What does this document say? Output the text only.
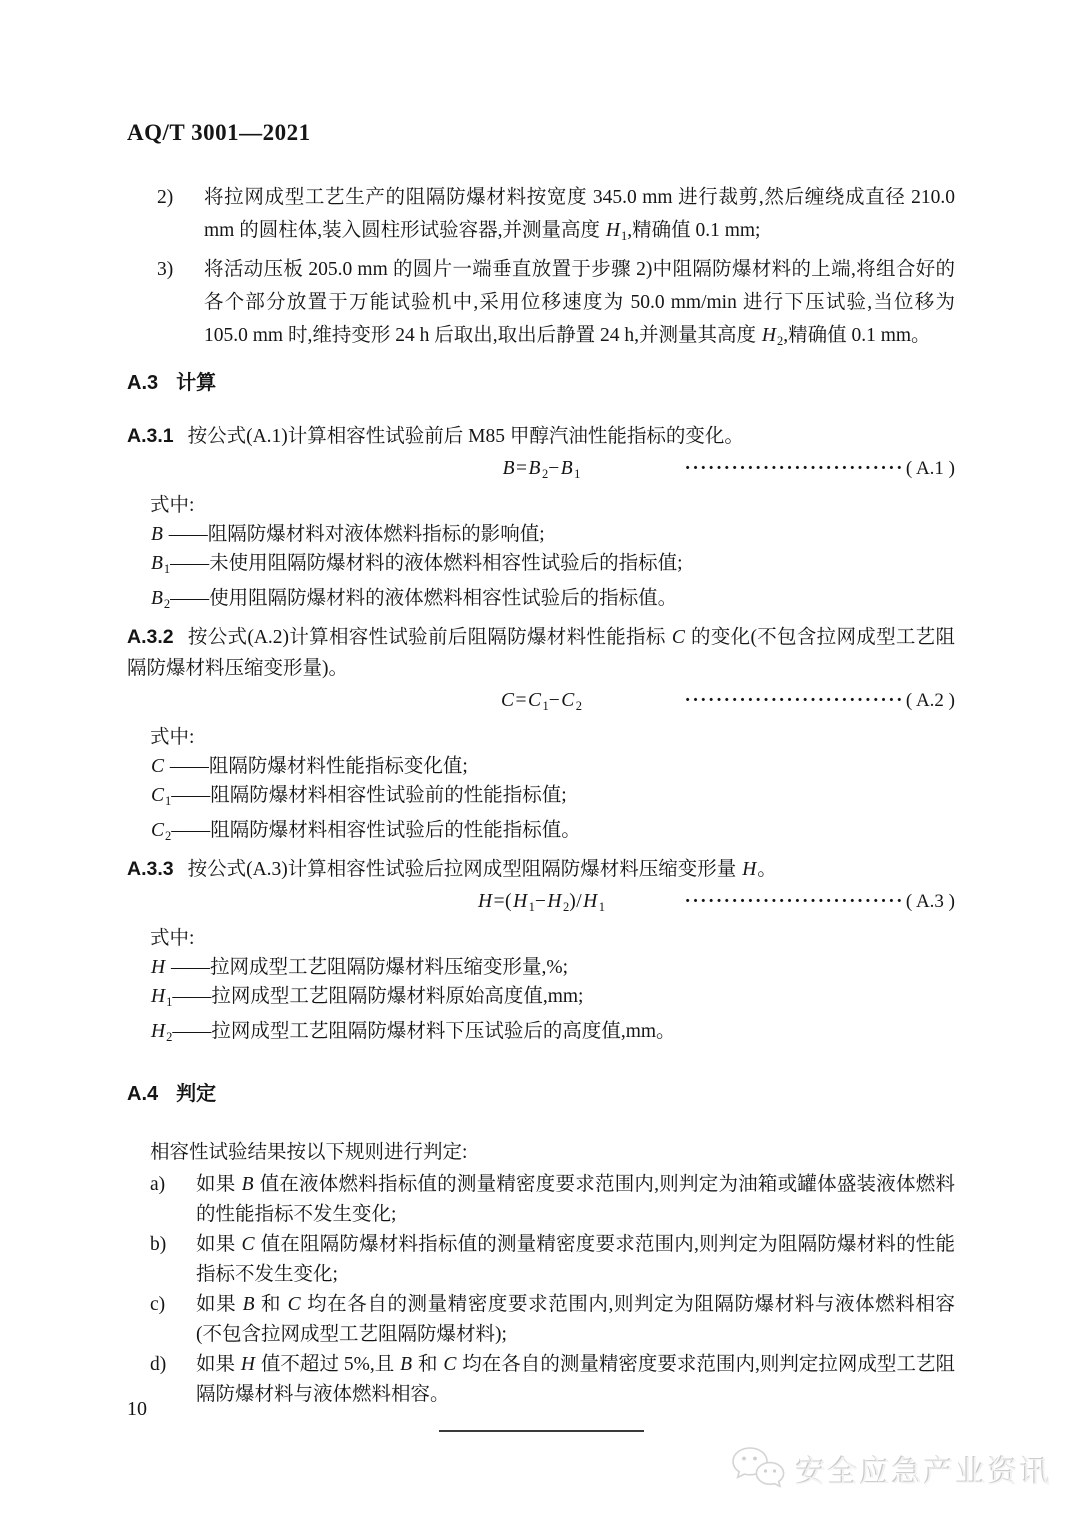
AQ/T 3001—2021
2)	将拉网成型工艺生产的阻隔防爆材料按宽度 345.0 mm 进行裁剪,然后缠绕成直径 210.0 mm 的圆柱体,装入圆柱形试验容器,并测量高度 $H_1$,精确值 0.1 mm;
3)	将活动压板 205.0 mm 的圆片一端垂直放置于步骤 2)中阻隔防爆材料的上端,将组合好的各个部分放置于万能试验机中,采用位移速度为 50.0 mm/min 进行下压试验,当位移为 105.0 mm 时,维持变形 24 h 后取出,取出后静置 24 h,并测量其高度 $H_2$,精确值 0.1 mm。
A.3 计算
A.3.1 按公式(A.1)计算相容性试验前后 M85 甲醇汽油性能指标的变化。
$B=B_2-B_1$	···························· ( A.1 )
式中:
B ——阻隔防爆材料对液体燃料指标的影响值;
$B_1——$未使用阻隔防爆材料的液体燃料相容性试验后的指标值;
$B_2——$使用阻隔防爆材料的液体燃料相容性试验后的指标值。
A.3.2 按公式(A.2)计算相容性试验前后阻隔防爆材料性能指标 C 的变化(不包含拉网成型工艺阻隔防爆材料压缩变形量)。
$C=C_1-C_2$	···························· ( A.2 )
式中:
C ——阻隔防爆材料性能指标变化值;
$C_1——$阻隔防爆材料相容性试验前的性能指标值;
$C_2——$阻隔防爆材料相容性试验后的性能指标值。
A.3.3 按公式(A.3)计算相容性试验后拉网成型阻隔防爆材料压缩变形量 H。
$H=(H_1-H_2)/H_1$	···························· ( A.3 )
式中:
H ——拉网成型工艺阻隔防爆材料压缩变形量,%;
$H_1——$拉网成型工艺阻隔防爆材料原始高度值,mm;
$H_2——$拉网成型工艺阻隔防爆材料下压试验后的高度值,mm。
A.4 判定
相容性试验结果按以下规则进行判定:
a)	如果 B 值在液体燃料指标值的测量精密度要求范围内,则判定为油箱或罐体盛装液体燃料的性能指标不发生变化;
b)	如果 C 值在阻隔防爆材料指标值的测量精密度要求范围内,则判定为阻隔防爆材料的性能指标不发生变化;
c)	如果 B 和 C 均在各自的测量精密度要求范围内,则判定为阻隔防爆材料与液体燃料相容(不包含拉网成型工艺阻隔防爆材料);
d)	如果 H 值不超过 5%,且 B 和 C 均在各自的测量精密度要求范围内,则判定拉网成型工艺阻隔防爆材料与液体燃料相容。
10
安全应急产业资讯
